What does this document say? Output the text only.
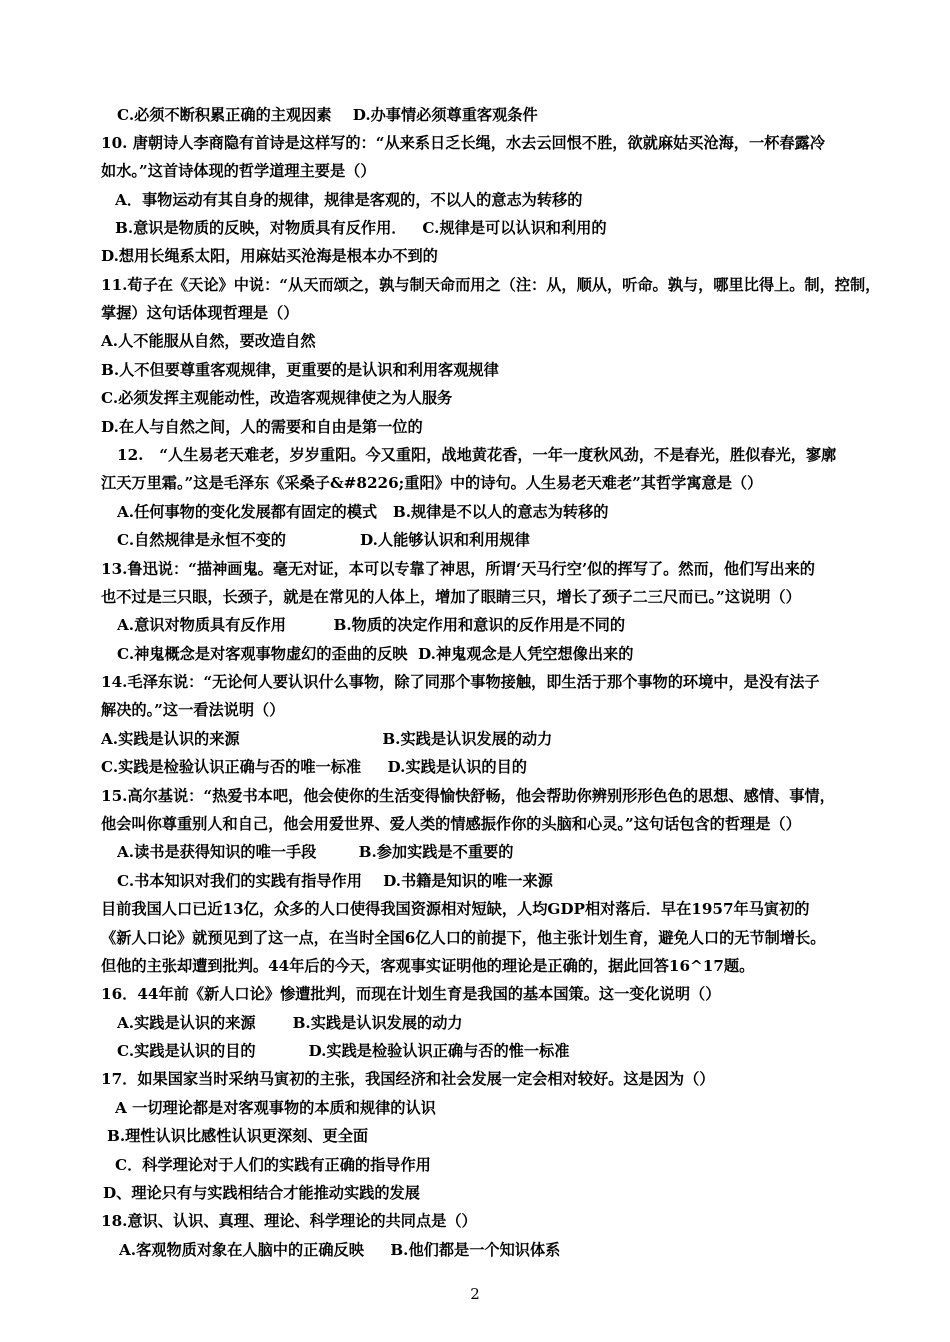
C.必须不断积累正确的主观因素    D.办事情必须尊重客观条件
10. 唐朝诗人李商隐有首诗是这样写的：“从来系日乏长绳，水去云回恨不胜，欲就麻姑买沧海，一杯春露冷
如水。”这首诗体现的哲学道理主要是（）
A．事物运动有其自身的规律，规律是客观的，不以人的意志为转移的
B.意识是物质的反映，对物质具有反作用．   C.规律是可以认识和利用的
D.想用长绳系太阳，用麻姑买沧海是根本办不到的
11.荀子在《天论》中说：“从天而颂之，孰与制天命而用之（注：从，顺从，听命。孰与，哪里比得上。制，控制，
掌握）这句话体现哲理是（）
A.人不能服从自然，要改造自然
B.人不但要尊重客观规律，更重要的是认识和利用客观规律
C.必须发挥主观能动性，改造客观规律使之为人服务
D.在人与自然之间，人的需要和自由是第一位的
12.   “人生易老天难老，岁岁重阳。今又重阳，战地黄花香，一年一度秋风劲，不是春光，胜似春光，寥廓
江天万里霜。”这是毛泽东《采桑子&#8226;重阳》中的诗句。人生易老天难老”其哲学寓意是（）
A.任何事物的变化发展都有固定的模式   B.规律是不以人的意志为转移的
C.自然规律是永恒不变的              D.人能够认识和利用规律
13.鲁迅说：“描神画鬼。毫无对证，本可以专靠了神思，所谓‘天马行空’似的挥写了。然而，他们写出来的
也不过是三只眼，长颈子，就是在常见的人体上，增加了眼睛三只，增长了颈子二三尺而已。”这说明（）
A.意识对物质具有反作用         B.物质的决定作用和意识的反作用是不同的
C.神鬼概念是对客观事物虚幻的歪曲的反映  D.神鬼观念是人凭空想像出来的
14.毛泽东说：“无论何人要认识什么事物，除了同那个事物接触，即生活于那个事物的环境中，是没有法子
解决的。”这一看法说明（）
A.实践是认识的来源                           B.实践是认识发展的动力
C.实践是检验认识正确与否的唯一标准     D.实践是认识的目的
15.高尔基说：“热爱书本吧，他会使你的生活变得愉快舒畅，他会帮助你辨别形形色色的思想、感情、事情，
他会叫你尊重别人和自己，他会用爱世界、爱人类的情感振作你的头脑和心灵。”这句话包含的哲理是（）
A.读书是获得知识的唯一手段        B.参加实践是不重要的
C.书本知识对我们的实践有指导作用    D.书籍是知识的唯一来源
目前我国人口已近13亿，众多的人口使得我国资源相对短缺，人均GDP相对落后．早在1957年马寅初的
《新人口论》就预见到了这一点，在当时全国6亿人口的前提下，他主张计划生育，避免人口的无节制增长。
但他的主张却遭到批判。44年后的今天，客观事实证明他的理论是正确的，据此回答16^17题。
16．44年前《新人口论》惨遭批判，而现在计划生育是我国的基本国策。这一变化说明（）
A.实践是认识的来源       B.实践是认识发展的动力
C.实践是认识的目的          D.实践是检验认识正确与否的惟一标准
17．如果国家当时采纳马寅初的主张，我国经济和社会发展一定会相对较好。这是因为（）
A 一切理论都是对客观事物的本质和规律的认识
B.理性认识比感性认识更深刻、更全面
C．科学理论对于人们的实践有正确的指导作用
D、理论只有与实践相结合才能推动实践的发展
18.意识、认识、真理、理论、科学理论的共同点是（）
A.客观物质对象在人脑中的正确反映     B.他们都是一个知识体系
2
